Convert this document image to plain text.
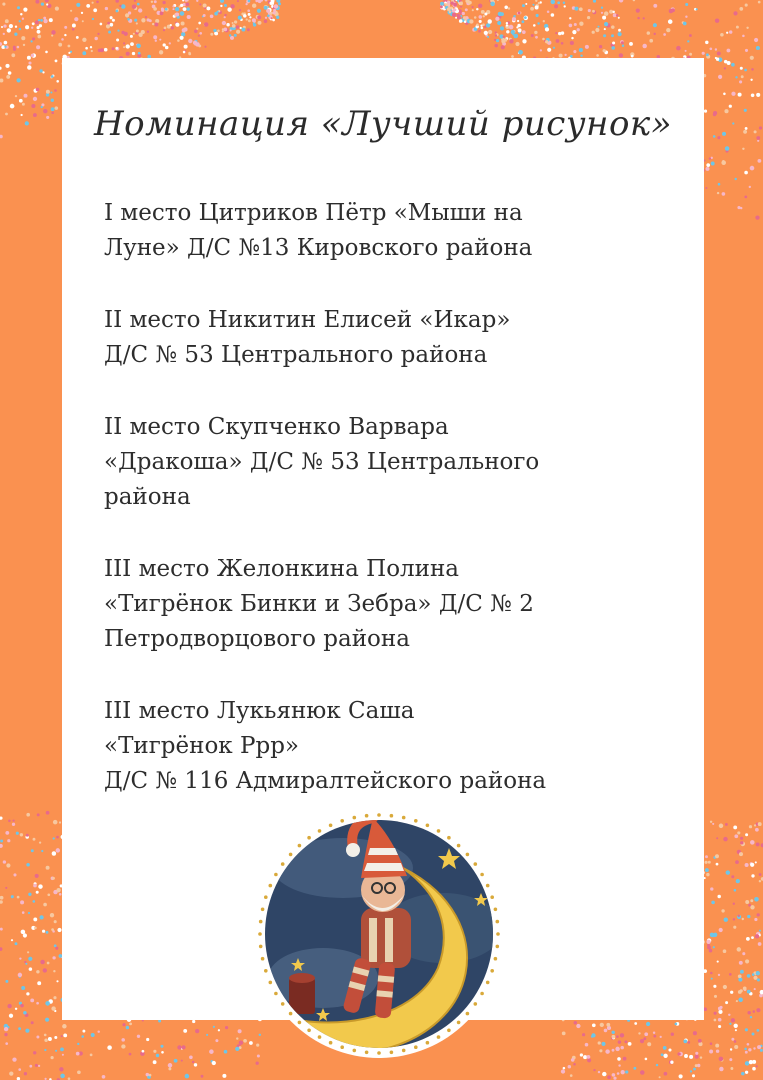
Номинация «Лучший рисунок»
I место Цитриков Пётр «Мыши на
Луне» Д/С №13 Кировского района
II место Никитин Елисей «Икар»
Д/С № 53 Центрального района
II место Скупченко Варвара
«Дракоша» Д/С № 53 Центрального
района
III место Желонкина Полина
«Тигрёнок Бинки и Зебра» Д/С № 2
Петродворцового района
III место Лукьянюк Саша
«Тигрёнок Ррр»
Д/С № 116 Адмиралтейского района
